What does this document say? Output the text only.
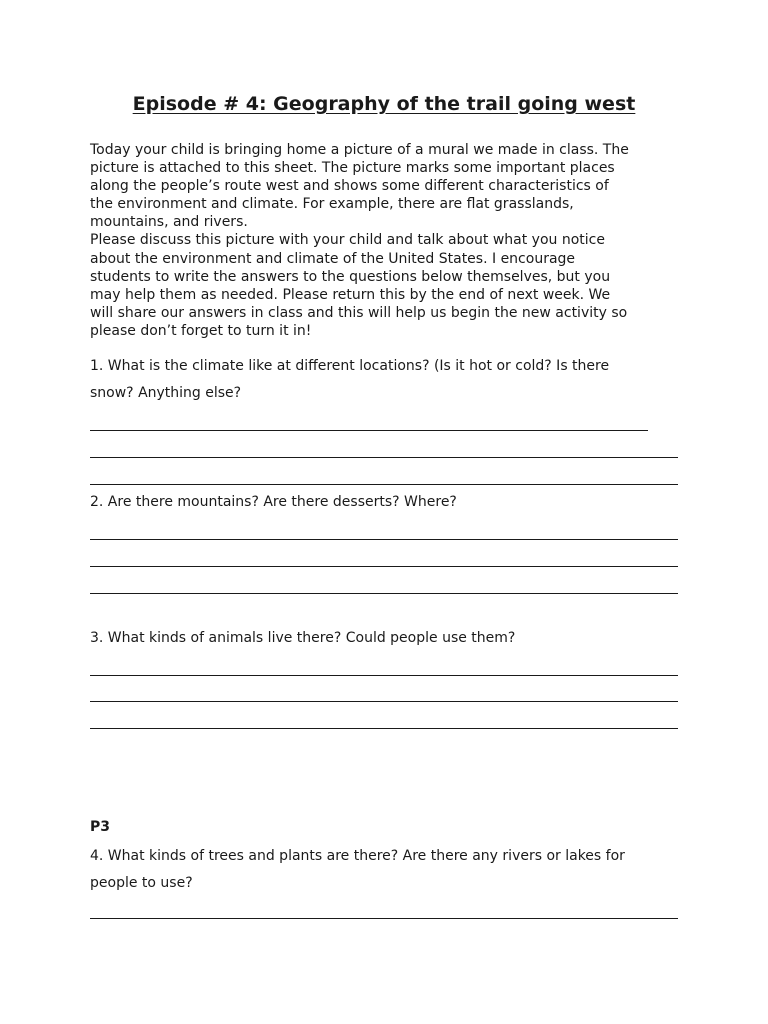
Episode # 4: Geography of the trail going west

Today your child is bringing home a picture of a mural we made in class. The

picture is attached to this sheet. The picture marks some important places

along the people’s route west and shows some different characteristics of

the environment and climate. For example, there are flat grasslands,

mountains, and rivers.

Please discuss this picture with your child and talk about what you notice

about the environment and climate of the United States. I encourage

students to write the answers to the questions below themselves, but you

may help them as needed. Please return this by the end of next week. We

will share our answers in class and this will help us begin the new activity so

please don’t forget to turn it in!

1. What is the climate like at different locations? (Is it hot or cold? Is there

snow? Anything else?

2. Are there mountains? Are there desserts? Where?

3. What kinds of animals live there? Could people use them?

P3

4. What kinds of trees and plants are there? Are there any rivers or lakes for

people to use?
